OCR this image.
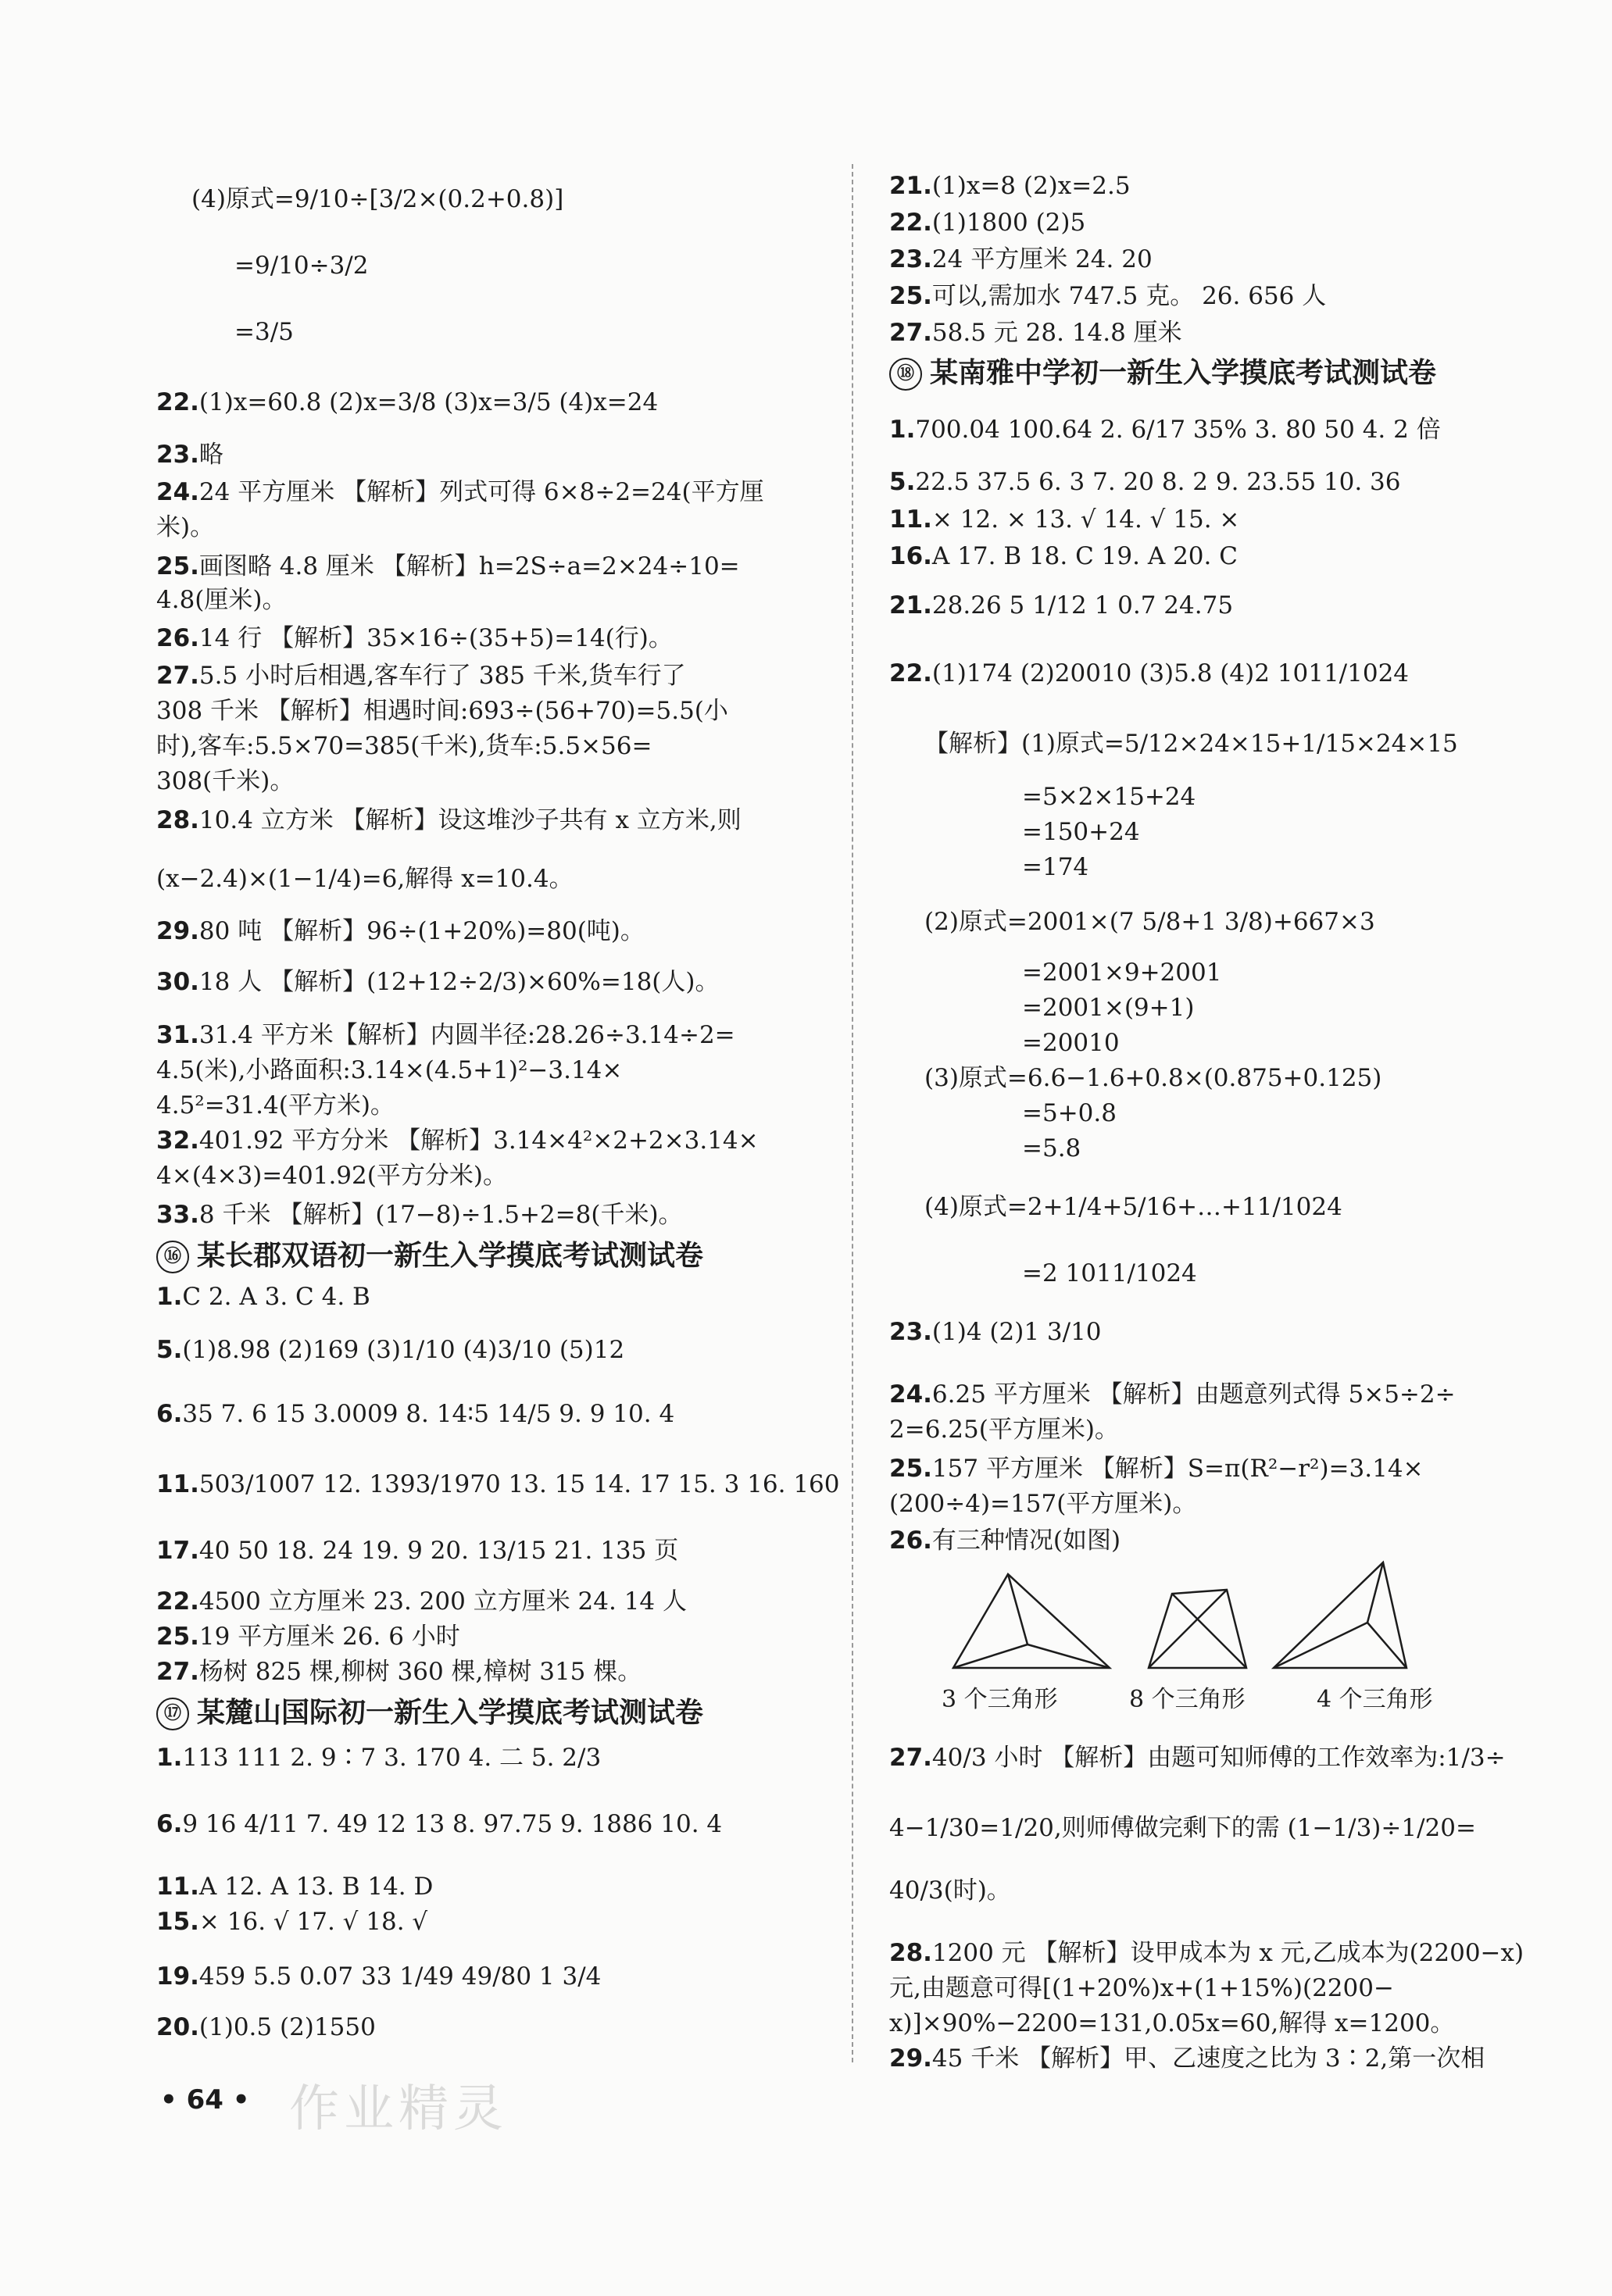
(4)原式=9/10÷[3/2×(0.2+0.8)]
=9/10÷3/2
=3/5
22.(1)x=60.8 (2)x=3/8 (3)x=3/5 (4)x=24
23.略
24.24 平方厘米 【解析】列式可得 6×8÷2=24(平方厘
米)。
25.画图略 4.8 厘米 【解析】h=2S÷a=2×24÷10=
4.8(厘米)。
26.14 行 【解析】35×16÷(35+5)=14(行)。
27.5.5 小时后相遇,客车行了 385 千米,货车行了
308 千米 【解析】相遇时间:693÷(56+70)=5.5(小
时),客车:5.5×70=385(千米),货车:5.5×56=
308(千米)。
28.10.4 立方米 【解析】设这堆沙子共有 x 立方米,则
(x−2.4)×(1−1/4)=6,解得 x=10.4。
29.80 吨 【解析】96÷(1+20%)=80(吨)。
30.18 人 【解析】(12+12÷2/3)×60%=18(人)。
31.31.4 平方米【解析】内圆半径:28.26÷3.14÷2=
4.5(米),小路面积:3.14×(4.5+1)²−3.14×
4.5²=31.4(平方米)。
32.401.92 平方分米 【解析】3.14×4²×2+2×3.14×
4×(4×3)=401.92(平方分米)。
33.8 千米 【解析】(17−8)÷1.5+2=8(千米)。
⑯ 某长郡双语初一新生入学摸底考试测试卷
1.C 2. A 3. C 4. B
5.(1)8.98 (2)169 (3)1/10 (4)3/10 (5)12
6.35 7. 6 15 3.0009 8. 14∶5 14/5 9. 9 10. 4
11.503/1007 12. 1393/1970 13. 15 14. 17 15. 3 16. 160
17.40 50 18. 24 19. 9 20. 13/15 21. 135 页
22.4500 立方厘米 23. 200 立方厘米 24. 14 人
25.19 平方厘米 26. 6 小时
27.杨树 825 棵,柳树 360 棵,樟树 315 棵。
⑰ 某麓山国际初一新生入学摸底考试测试卷
1.113 111 2. 9∶7 3. 170 4. 二 5. 2/3
6.9 16 4/11 7. 49 12 13 8. 97.75 9. 1886 10. 4
11.A 12. A 13. B 14. D
15.× 16. √ 17. √ 18. √
19.459 5.5 0.07 33 1/49 49/80 1 3/4
20.(1)0.5 (2)1550
21.(1)x=8 (2)x=2.5
22.(1)1800 (2)5
23.24 平方厘米 24. 20
25.可以,需加水 747.5 克。 26. 656 人
27.58.5 元 28. 14.8 厘米
⑱ 某南雅中学初一新生入学摸底考试测试卷
1.700.04 100.64 2. 6/17 35% 3. 80 50 4. 2 倍
5.22.5 37.5 6. 3 7. 20 8. 2 9. 23.55 10. 36
11.× 12. × 13. √ 14. √ 15. ×
16.A 17. B 18. C 19. A 20. C
21.28.26 5 1/12 1 0.7 24.75
22.(1)174 (2)20010 (3)5.8 (4)2 1011/1024
【解析】(1)原式=5/12×24×15+1/15×24×15
=5×2×15+24
=150+24
=174
(2)原式=2001×(7 5/8+1 3/8)+667×3
=2001×9+2001
=2001×(9+1)
=20010
(3)原式=6.6−1.6+0.8×(0.875+0.125)
=5+0.8
=5.8
(4)原式=2+1/4+5/16+…+11/1024
=2 1011/1024
23.(1)4 (2)1 3/10
24.6.25 平方厘米 【解析】由题意列式得 5×5÷2÷
2=6.25(平方厘米)。
25.157 平方厘米 【解析】S=π(R²−r²)=3.14×
(200÷4)=157(平方厘米)。
26.有三种情况(如图)
27.40/3 小时 【解析】由题可知师傅的工作效率为:1/3÷
4−1/30=1/20,则师傅做完剩下的需 (1−1/3)÷1/20=
40/3(时)。
28.1200 元 【解析】设甲成本为 x 元,乙成本为(2200−x)
元,由题意可得[(1+20%)x+(1+15%)(2200−
x)]×90%−2200=131,0.05x=60,解得 x=1200。
29.45 千米 【解析】甲、乙速度之比为 3∶2,第一次相
3 个三角形	8 个三角形	4 个三角形
• 64 • 作业精灵
